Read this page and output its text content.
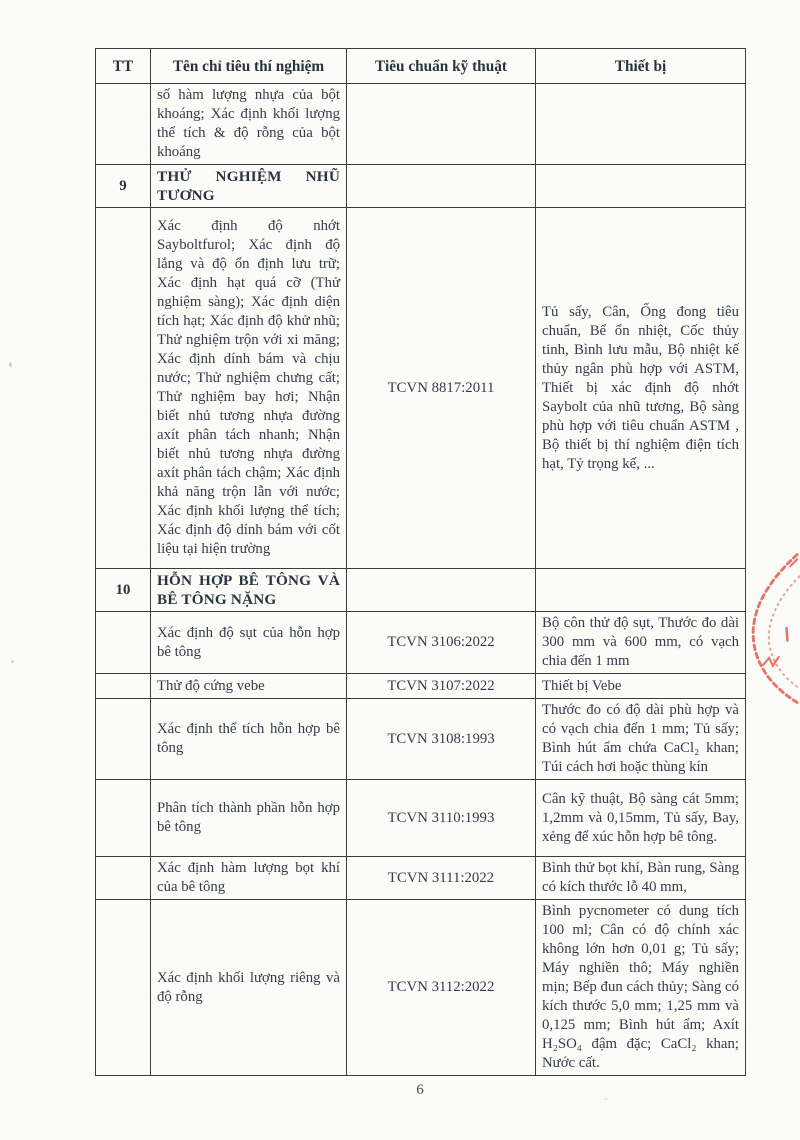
TT	Tên chỉ tiêu thí nghiệm	Tiêu chuẩn kỹ thuật	Thiết bị
	số hàm lượng nhựa của bột khoáng; Xác định khối lượng thể tích & độ rỗng của bột khoáng		
9	THỬ NGHIỆM NHŨ TƯƠNG		
	Xác định độ nhớt Sayboltfurol; Xác định độ lắng và độ ổn định lưu trữ; Xác định hạt quá cỡ (Thử nghiệm sàng); Xác định diện tích hạt; Xác định độ khử nhũ; Thử nghiệm trộn với xi măng; Xác định dính bám và chịu nước; Thử nghiệm chưng cất; Thử nghiệm bay hơi; Nhận biết nhủ tương nhựa đường axít phân tách nhanh; Nhận biết nhủ tương nhựa đường axít phân tách chậm; Xác định khả năng trộn lẫn với nước; Xác định khối lượng thể tích; Xác định độ dính bám với cốt liệu tại hiện trường	TCVN 8817:2011	Tủ sấy, Cân, Ống đong tiêu chuẩn, Bể ổn nhiệt, Cốc thủy tinh, Bình lưu mẫu, Bộ nhiệt kế thủy ngân phù hợp với ASTM, Thiết bị xác định độ nhớt Saybolt của nhũ tương, Bộ sàng phù hợp với tiêu chuẩn ASTM , Bộ thiết bị thí nghiệm điện tích hạt, Tỷ trọng kế, ...
10	HỖN HỢP BÊ TÔNG VÀ BÊ TÔNG NẶNG		
	Xác định độ sụt của hỗn hợp bê tông	TCVN 3106:2022	Bộ côn thử độ sụt, Thước đo dài 300 mm và 600 mm, có vạch chia đến 1 mm
	Thử độ cứng vebe	TCVN 3107:2022	Thiết bị Vebe
	Xác định thể tích hỗn hợp bê tông	TCVN 3108:1993	Thước đo có độ dài phù hợp và có vạch chia đến 1 mm; Tủ sấy; Bình hút ẩm chứa CaCl₂ khan; Túi cách hơi hoặc thùng kín
	Phân tích thành phần hỗn hợp bê tông	TCVN 3110:1993	Cân kỹ thuật, Bộ sàng cát 5mm; 1,2mm và 0,15mm, Tủ sấy, Bay, xẻng để xúc hỗn hợp bê tông.
	Xác định hàm lượng bọt khí của bê tông	TCVN 3111:2022	Bình thử bọt khí, Bàn rung, Sàng có kích thước lỗ 40 mm,
	Xác định khối lượng riêng và độ rỗng	TCVN 3112:2022	Bình pycnometer có dung tích 100 ml; Cân có độ chính xác không lớn hơn 0,01 g; Tủ sấy; Máy nghiền thô; Máy nghiền mịn; Bếp đun cách thủy; Sàng có kích thước 5,0 mm; 1,25 mm và 0,125 mm; Bình hút ẩm; Axít H₂SO₄ đậm đặc; CaCl₂ khan; Nước cất.
6
